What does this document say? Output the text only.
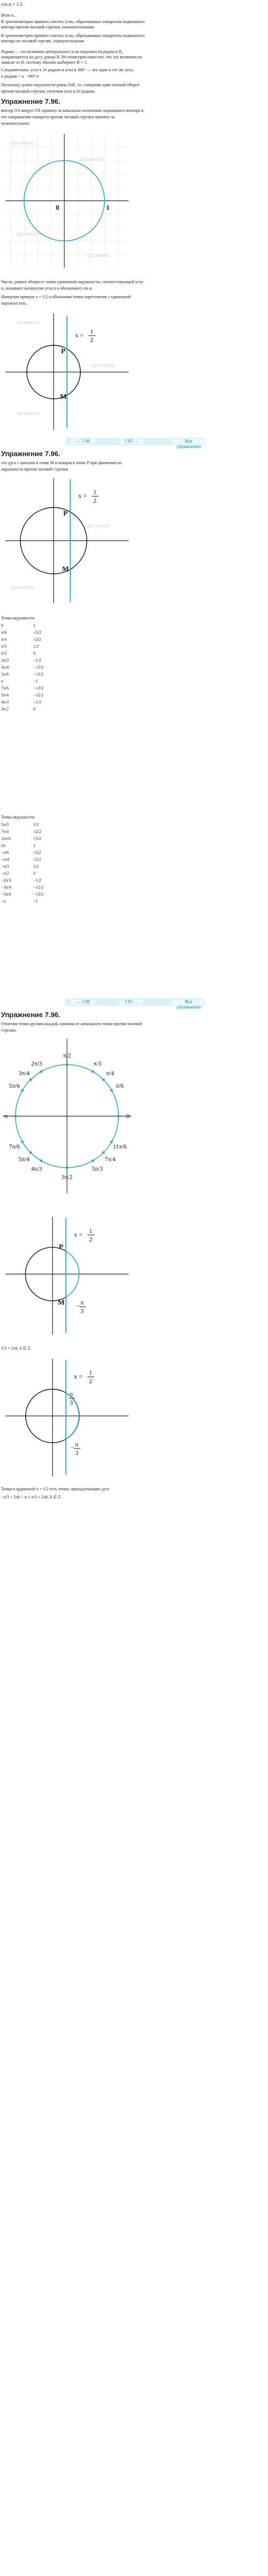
cos α = 1/2
Итак α...
В тригонометрии принято считать углы, образованные поворотом подвижного
вектора против часовой стрелки, положительными.
В тригонометрии принято считать углы, образованные поворотом подвижного
вектора по часовой стрелке, отрицательными.
Радиан — это величина центрального угла окружности радиуса R,
опирающегося на дугу длины R. Из геометрии известно, что эта величина не
зависит от R, поэтому обычно выбирают R = 1.
Следовательно, угол в 2π радиан и угол в 360° — это один и тот же угол.
α радиан = α · 180°/π
Поскольку длина окружности равна 2πR, то, совершив один полный оборот
против часовой стрелки, получим угол в 2π радиан.
Упражнение 7.96.
вектор OA вокруг OX принято за начальное положение подвижного вектора и
что направление поворота против часовой стрелки принято за
положительное.
0	1
ГДЗ САМОГО
ГДЗ САМОГО
ГДЗ САМОГО
ГДЗ САМОГО
Число, равное абсциссе точки единичной окружности, соответствующей углу
α, называют косинусом угла α и обозначают cos α.
Начертим прямую x = 1/2 и обозначим точки пересечения с единичной
окружностью.
x = 1
2
P
M
ГДЗ САМОГО
ГДЗ САМОГО
ГДЗ САМОГО
← 7.95	7.97 →	Все упражнения
Упражнение 7.96.
это дуга с началом в точке M и концом в точке P при движении по
окружности против часовой стрелки.
x = 1
2
P
M
ГДЗ САМОГО
ГДЗ САМОГО
Точка окружности
0	1
π/6	√3/2
π/4	√2/2
π/3	1/2
π/2	0
2π/3	−1/2
3π/4	−√2/2
5π/6	−√3/2
π	−1
7π/6	−√3/2
5π/4	−√2/2
4π/3	−1/2
3π/2	0
Точка окружности
5π/3	1/2
7π/4	√2/2
11π/6	√3/2
2π	1
−π/6	√3/2
−π/4	√2/2
−π/3	1/2
−π/2	0
−2π/3	−1/2
−3π/4	−√2/2
−5π/6	−√3/2
−π	−1
← 7.95	7.97 →	Все упражнения
Упражнение 7.96.
Отметим точки дугами каждой, начиная от начального точки против часовой
стрелки.
π/2
2π/3
3π/4
5π/6
π
7π/6
5π/4
4π/3
3π/2
5π/3
7π/4
11π/6
0
π/6
π/4
π/3
x = 1
2
P
M − π
3
π/3 + 2πk, k ∈ Z.
x = 1
2
π
3
− π
3
Точки в ординатой x = 1/2 есть точки, принадлежащие дуге
−π/3 + 2πk < α ≤ π/3 + 2πk, k ∈ Z.
